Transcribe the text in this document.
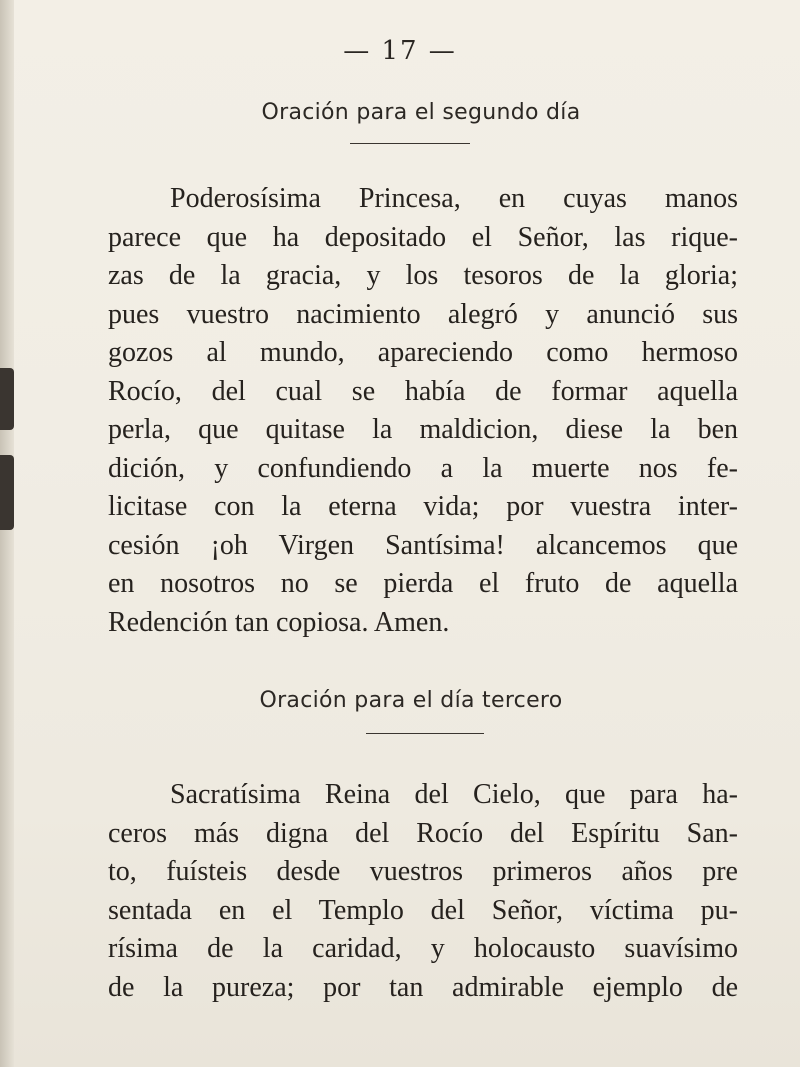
— 17 —
Oración para el segundo día
Poderosísima Princesa, en cuyas manos
parece que ha depositado el Señor, las rique-
zas de la gracia, y los tesoros de la gloria;
pues vuestro nacimiento alegró y anunció sus
gozos al mundo, apareciendo como hermoso
Rocío, del cual se había de formar aquella
perla, que quitase la maldicion, diese la ben
dición, y confundiendo a la muerte nos fe-
licitase con la eterna vida; por vuestra inter-
cesión ¡oh Virgen Santísima! alcancemos que
en nosotros no se pierda el fruto de aquella
Redención tan copiosa. Amen.
Oración para el día tercero
Sacratísima Reina del Cielo, que para ha-
ceros más digna del Rocío del Espíritu San-
to, fuísteis desde vuestros primeros años pre
sentada en el Templo del Señor, víctima pu-
rísima de la caridad, y holocausto suavísimo
de la pureza; por tan admirable ejemplo de
